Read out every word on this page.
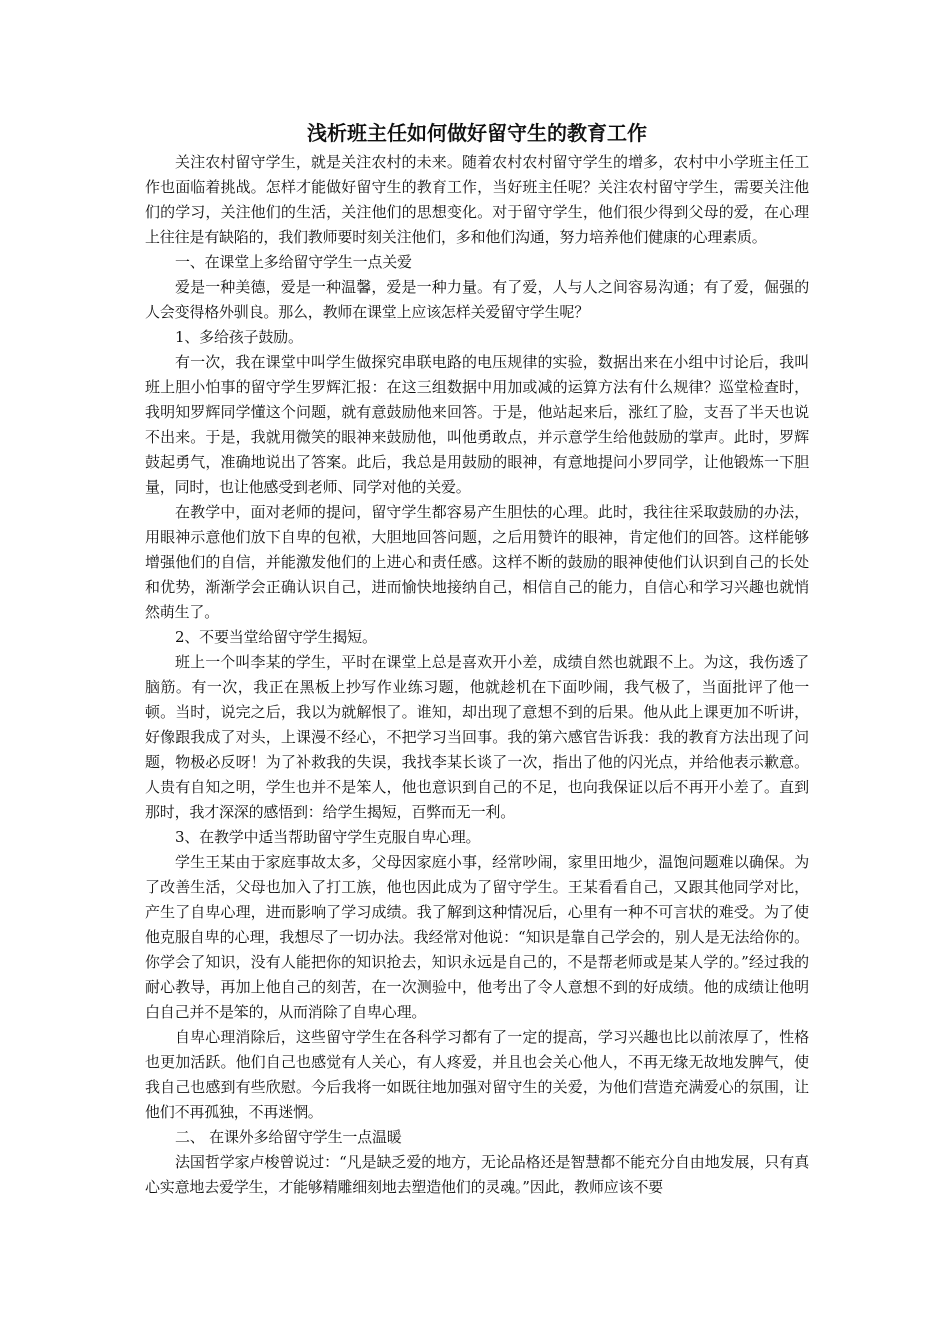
浅析班主任如何做好留守生的教育工作

关注农村留守学生，就是关注农村的未来。随着农村农村留守学生的增多，农村中小学班主任工作也面临着挑战。怎样才能做好留守生的教育工作，当好班主任呢？关注农村留守学生，需要关注他们的学习，关注他们的生活，关注他们的思想变化。对于留守学生，他们很少得到父母的爱，在心理上往往是有缺陷的，我们教师要时刻关注他们，多和他们沟通，努力培养他们健康的心理素质。

一、在课堂上多给留守学生一点关爱

爱是一种美德，爱是一种温馨，爱是一种力量。有了爱，人与人之间容易沟通；有了爱，倔强的人会变得格外驯良。那么，教师在课堂上应该怎样关爱留守学生呢？

1、多给孩子鼓励。

有一次，我在课堂中叫学生做探究串联电路的电压规律的实验，数据出来在小组中讨论后，我叫班上胆小怕事的留守学生罗辉汇报：在这三组数据中用加或减的运算方法有什么规律？巡堂检查时，我明知罗辉同学懂这个问题，就有意鼓励他来回答。于是，他站起来后，涨红了脸，支吾了半天也说不出来。于是，我就用微笑的眼神来鼓励他，叫他勇敢点，并示意学生给他鼓励的掌声。此时，罗辉鼓起勇气，准确地说出了答案。此后，我总是用鼓励的眼神，有意地提问小罗同学，让他锻炼一下胆量，同时，也让他感受到老师、同学对他的关爱。

在教学中，面对老师的提问，留守学生都容易产生胆怯的心理。此时，我往往采取鼓励的办法，用眼神示意他们放下自卑的包袱，大胆地回答问题，之后用赞许的眼神，肯定他们的回答。这样能够增强他们的自信，并能激发他们的上进心和责任感。这样不断的鼓励的眼神使他们认识到自己的长处和优势，渐渐学会正确认识自己，进而愉快地接纳自己，相信自己的能力，自信心和学习兴趣也就悄然萌生了。

2、不要当堂给留守学生揭短。

班上一个叫李某的学生，平时在课堂上总是喜欢开小差，成绩自然也就跟不上。为这，我伤透了脑筋。有一次，我正在黑板上抄写作业练习题，他就趁机在下面吵闹，我气极了，当面批评了他一顿。当时，说完之后，我以为就解恨了。谁知，却出现了意想不到的后果。他从此上课更加不听讲，好像跟我成了对头，上课漫不经心，不把学习当回事。我的第六感官告诉我：我的教育方法出现了问题，物极必反呀！为了补救我的失误，我找李某长谈了一次，指出了他的闪光点，并给他表示歉意。人贵有自知之明，学生也并不是笨人，他也意识到自己的不足，也向我保证以后不再开小差了。直到那时，我才深深的感悟到：给学生揭短，百弊而无一利。

3、在教学中适当帮助留守学生克服自卑心理。

学生王某由于家庭事故太多，父母因家庭小事，经常吵闹，家里田地少，温饱问题难以确保。为了改善生活，父母也加入了打工族，他也因此成为了留守学生。王某看看自己，又跟其他同学对比，产生了自卑心理，进而影响了学习成绩。我了解到这种情况后，心里有一种不可言状的难受。为了使他克服自卑的心理，我想尽了一切办法。我经常对他说：“知识是靠自己学会的，别人是无法给你的。你学会了知识，没有人能把你的知识抢去，知识永远是自己的，不是帮老师或是某人学的。”经过我的耐心教导，再加上他自己的刻苦，在一次测验中，他考出了令人意想不到的好成绩。他的成绩让他明白自己并不是笨的，从而消除了自卑心理。

自卑心理消除后，这些留守学生在各科学习都有了一定的提高，学习兴趣也比以前浓厚了，性格也更加活跃。他们自己也感觉有人关心，有人疼爱，并且也会关心他人，不再无缘无故地发脾气，使我自己也感到有些欣慰。今后我将一如既往地加强对留守生的关爱，为他们营造充满爱心的氛围，让他们不再孤独，不再迷惘。

二、 在课外多给留守学生一点温暖

法国哲学家卢梭曾说过：“凡是缺乏爱的地方，无论品格还是智慧都不能充分自由地发展，只有真心实意地去爱学生，才能够精雕细刻地去塑造他们的灵魂。”因此，教师应该不要
